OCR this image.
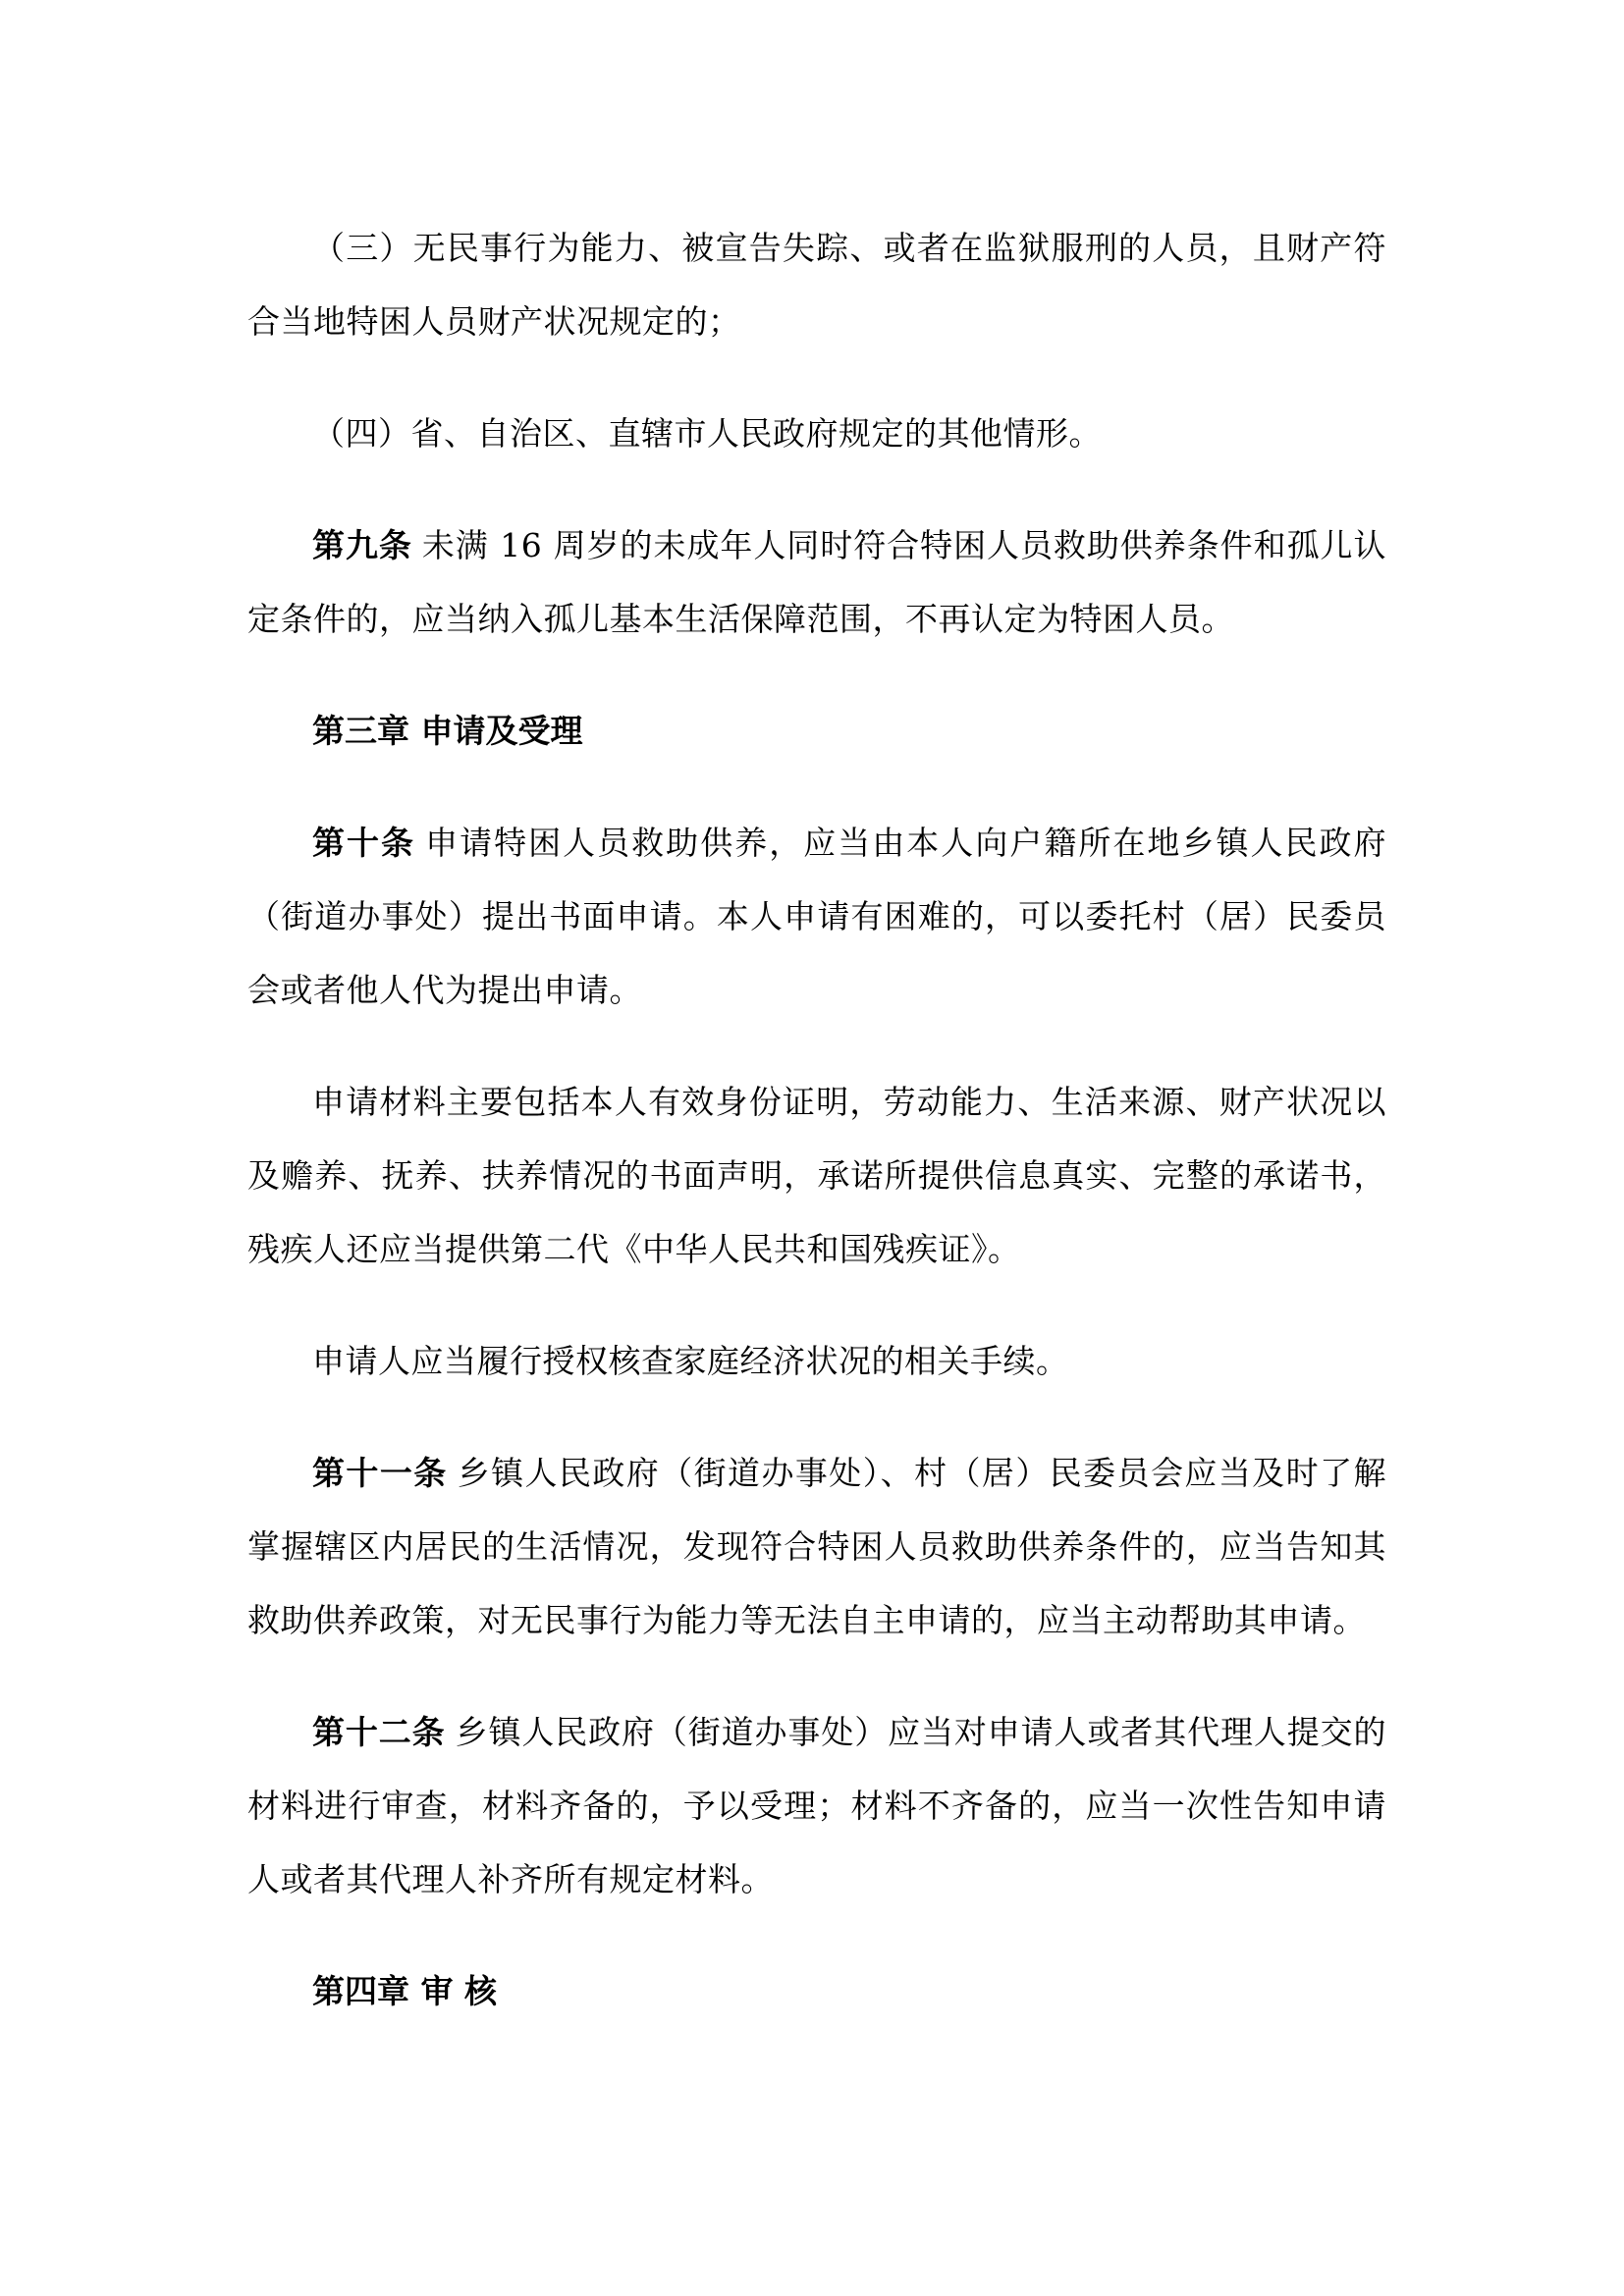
（三）无民事行为能力、被宣告失踪、或者在监狱服刑的人员，且财产符合当地特困人员财产状况规定的；

（四）省、自治区、直辖市人民政府规定的其他情形。

第九条 未满 16 周岁的未成年人同时符合特困人员救助供养条件和孤儿认定条件的，应当纳入孤儿基本生活保障范围，不再认定为特困人员。

第三章 申请及受理

第十条 申请特困人员救助供养，应当由本人向户籍所在地乡镇人民政府（街道办事处）提出书面申请。本人申请有困难的，可以委托村（居）民委员会或者他人代为提出申请。

申请材料主要包括本人有效身份证明，劳动能力、生活来源、财产状况以及赡养、抚养、扶养情况的书面声明，承诺所提供信息真实、完整的承诺书，残疾人还应当提供第二代《中华人民共和国残疾证》。

申请人应当履行授权核查家庭经济状况的相关手续。

第十一条 乡镇人民政府（街道办事处）、村（居）民委员会应当及时了解掌握辖区内居民的生活情况，发现符合特困人员救助供养条件的，应当告知其救助供养政策，对无民事行为能力等无法自主申请的，应当主动帮助其申请。

第十二条 乡镇人民政府（街道办事处）应当对申请人或者其代理人提交的材料进行审查，材料齐备的，予以受理；材料不齐备的，应当一次性告知申请人或者其代理人补齐所有规定材料。

第四章 审 核
